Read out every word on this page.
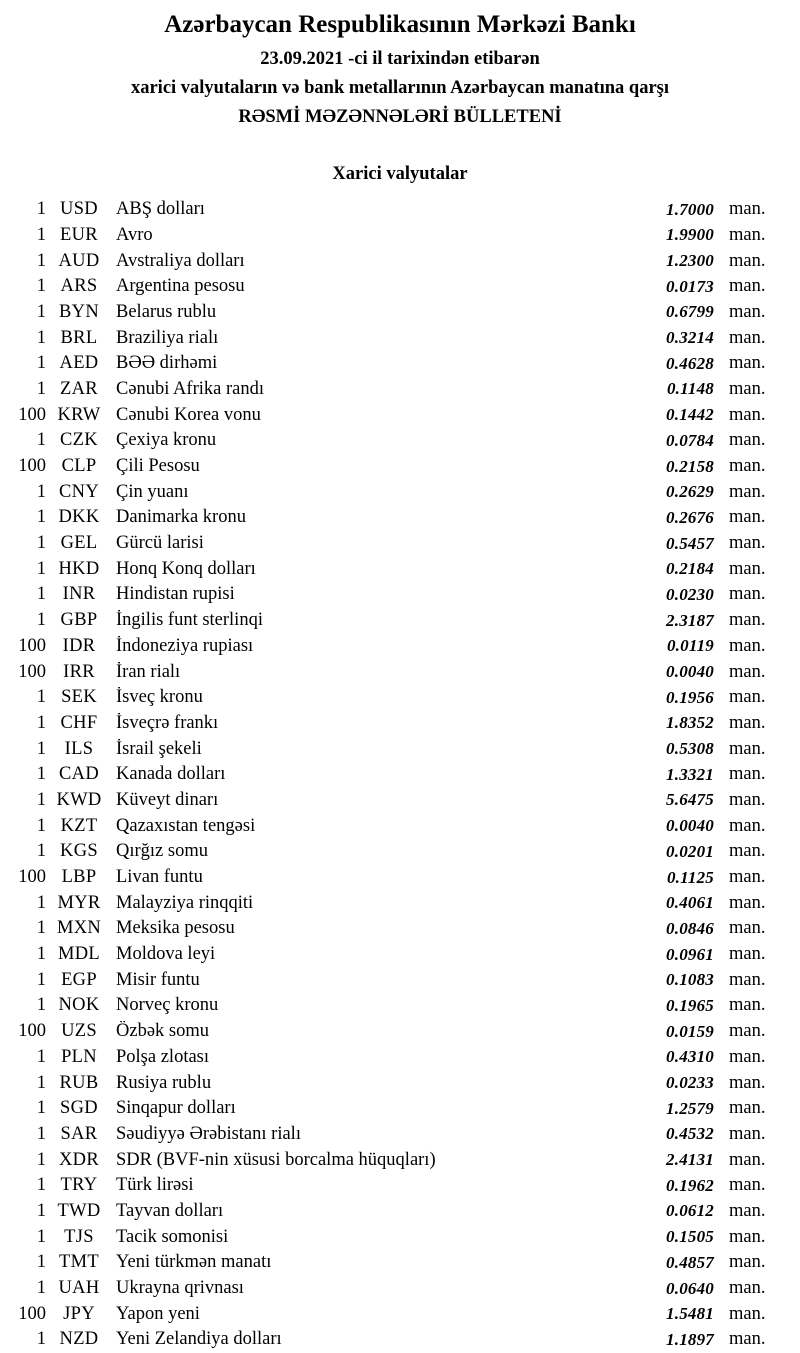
Azərbaycan Respublikasının Mərkəzi Bankı
23.09.2021 -ci il tarixindən etibarən
xarici valyutaların və bank metallarının Azərbaycan manatına qarşı
RƏSMİ MƏZƏNNƏLƏRİ BÜLLETENİ
Xarici valyutalar
1 USD ABŞ dolları	1.7000 man.
1 EUR Avro	1.9900 man.
1 AUD Avstraliya dolları	1.2300 man.
1 ARS	Argentina pesosu	0.0173 man.
1 BYN Belarus rublu	0.6799 man.
1 BRL	Braziliya rialı	0.3214 man.
1 AED BƏƏ dirhəmi	0.4628 man.
1 ZAR Cənubi Afrika randı	0.1148 man.
100 KRW Cənubi Korea vonu	0.1442 man.
1 CZK Çexiya kronu	0.0784 man.
100 CLP	Çili Pesosu	0.2158 man.
1 CNY Çin yuanı	0.2629 man.
1 DKK Danimarka kronu	0.2676 man.
1 GEL	Gürcü larisi	0.5457 man.
1 HKD Honq Konq dolları	0.2184 man.
1 INR	Hindistan rupisi	0.0230 man.
1 GBP	İngilis funt sterlinqi	2.3187 man.
100 IDR	İndoneziya rupiası	0.0119 man.
100 IRR	İran rialı	0.0040 man.
1 SEK	İsveç kronu	0.1956 man.
1 CHF	İsveçrə frankı	1.8352 man.
1	ILS	İsrail şekeli	0.5308 man.
1 CAD Kanada dolları	1.3321 man.
1 KWD Küveyt dinarı	5.6475 man.
1 KZT	Qazaxıstan tengəsi	0.0040 man.
1 KGS Qırğız somu	0.0201 man.
100 LBP	Livan funtu	0.1125 man.
1 MYR Malayziya rinqqiti	0.4061 man.
1 MXN Meksika pesosu	0.0846 man.
1 MDL Moldova leyi	0.0961 man.
1 EGP	Misir funtu	0.1083 man.
1 NOK Norveç kronu	0.1965 man.
100 UZS	Özbək somu	0.0159 man.
1 PLN	Polşa zlotası	0.4310 man.
1 RUB Rusiya rublu	0.0233 man.
1 SGD Sinqapur dolları	1.2579 man.
1 SAR	Səudiyyə Ərəbistanı rialı	0.4532 man.
1 XDR SDR (BVF-nin xüsusi borcalma hüquqları)	2.4131 man.
1 TRY	Türk lirəsi	0.1962 man.
1 TWD Tayvan dolları	0.0612 man.
1 TJS	Tacik somonisi	0.1505 man.
1 TMT Yeni türkmən manatı	0.4857 man.
1 UAH Ukrayna qrivnası	0.0640 man.
100 JPY	Yapon yeni	1.5481 man.
1 NZD Yeni Zelandiya dolları	1.1897 man.
